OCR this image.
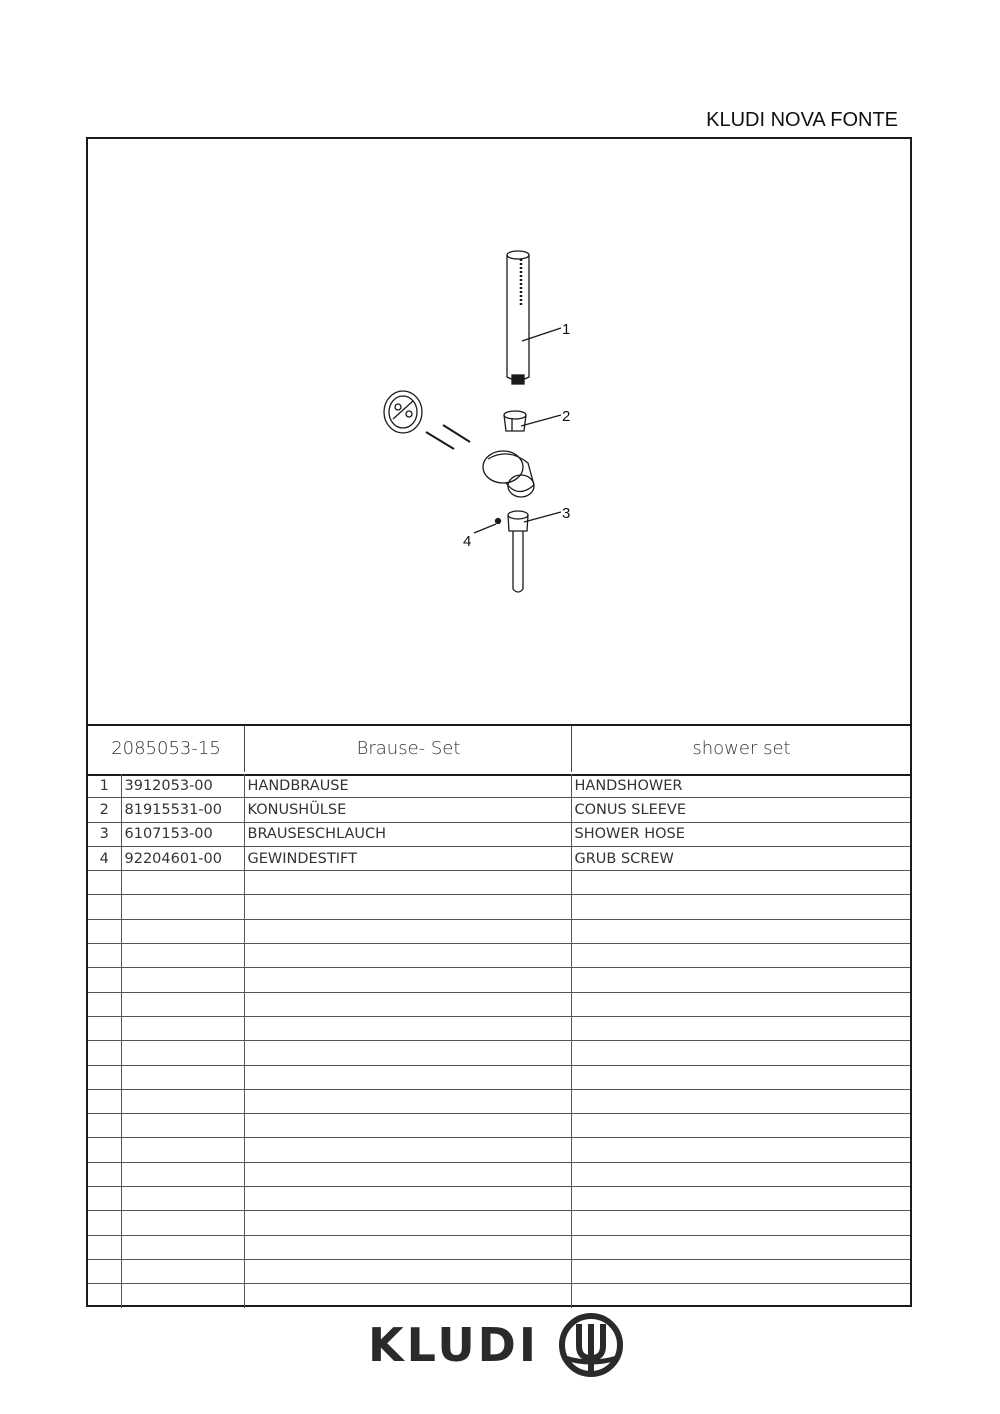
KLUDI NOVA FONTE
1
2
3
4
2085053-15	Brause- Set	shower set
1	3912053-00	HANDBRAUSE	HANDSHOWER
2	81915531-00	KONUSHÜLSE	CONUS SLEEVE
3	6107153-00	BRAUSESCHLAUCH	SHOWER HOSE
4	92204601-00	GEWINDESTIFT	GRUB SCREW

KLUDI
